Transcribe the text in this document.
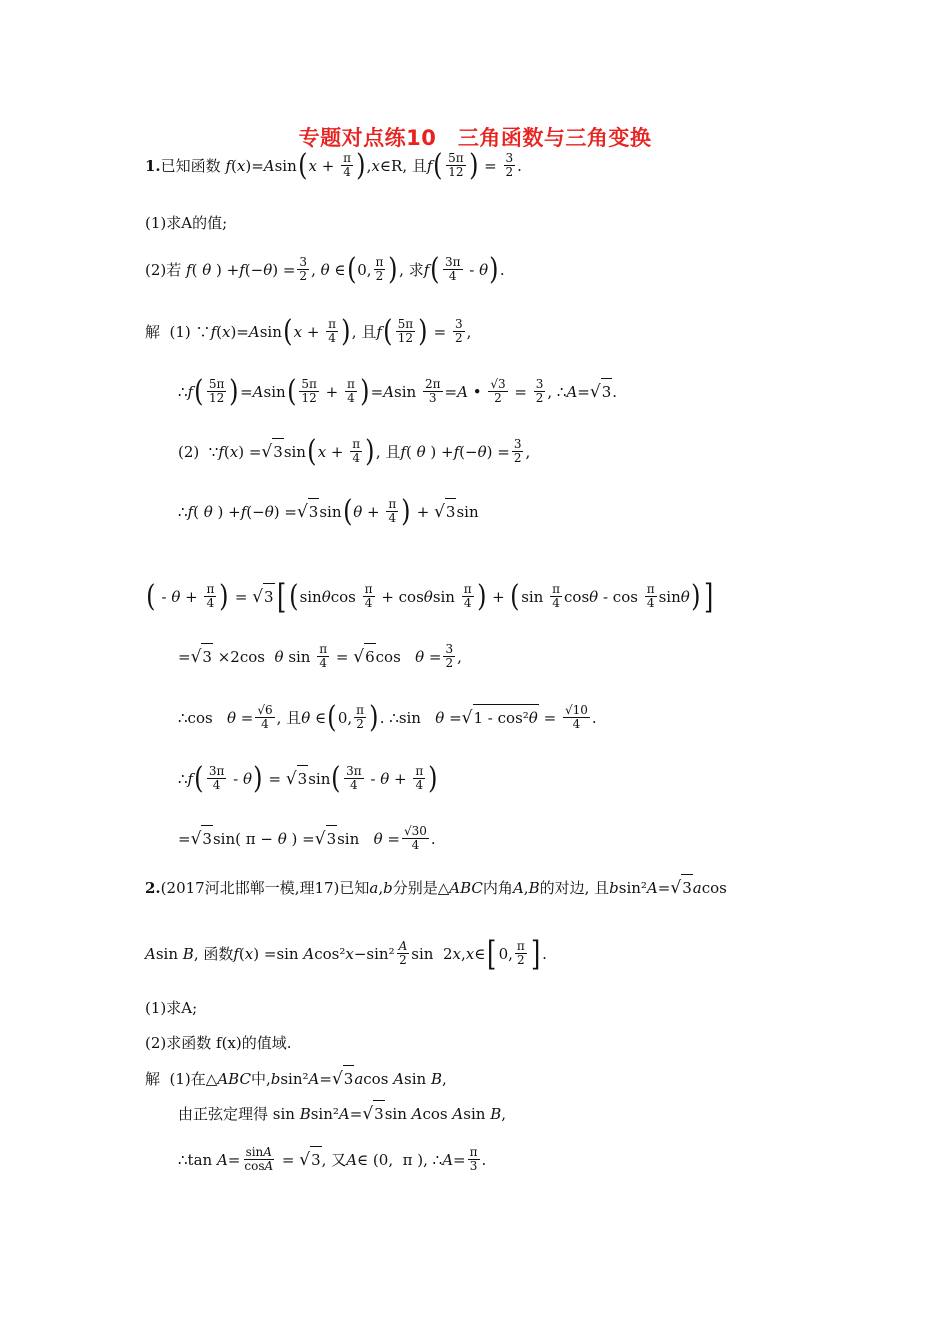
专题对点练10　三角函数与三角变换
1. 已知函数 f ( x )= A sin ( $x + \frac{\pi}{4}$ ) , x ∈R, 且 f ( $\frac{5\pi}{12}$ ) = $\frac{3}{2}$ .
(1)求A的值;
(2)若 f ( θ ) + f (− θ ) = $\frac{3}{2}$ , θ ∈ ( 0, $\frac{\pi}{2}$ ) , 求 f ( $\frac{3\pi}{4}$ - θ ) .
解  (1) ∵ f ( x )= A sin ( $x + \frac{\pi}{4}$ ) , 且 f ( $\frac{5\pi}{12}$ ) = $\frac{3}{2}$ ,
∴ f ( $\frac{5\pi}{12}$ ) = A sin ( $\frac{5\pi}{12} + \frac{\pi}{4}$ ) = A $\sin \frac{2\pi}{3} = A$ • $\frac{√3}{2} = \frac{3}{2}$ , ∴ A = √ 3 .
(2)  ∵ f ( x ) = √ 3 sin ( $x + \frac{\pi}{4}$ ) , 且 f ( θ ) + f (− θ ) = $\frac{3}{2}$ ,
∴ f ( θ ) + f (− θ ) = √ 3 sin ( $\theta + \frac{\pi}{4}$ ) + √ 3 sin
( - $\theta + \frac{\pi}{4}$ ) = √ 3 [ ( sin θ $\cos \frac{\pi}{4} + \cos \theta$ $\sin \frac{\pi}{4}$ ) + ( $\sin \frac{\pi}{4}$ cos θ - $\cos \frac{\pi}{4}$ sin θ ) ]
= √ 3 ×2cos θ $\sin \frac{\pi}{4}$ = √ 6 $\cos \theta = \frac{3}{2}$ ,
∴cos $\theta = \frac{√6}{4}$ , 且 θ ∈ ( 0, $\frac{\pi}{2}$ ) . ∴sin θ = √ $1 - \cos^2\theta = \frac{√10}{4}$ .
∴ f ( $\frac{3\pi}{4}$ - θ ) = √ 3 sin ( $\frac{3\pi}{4} - \theta + \frac{\pi}{4}$ )
= √ 3 sin( π − θ ) = √ 3 $\sin \theta = \frac{√30}{4}$ .
2. (2017河北邯郸一模,理17)已知 a , b 分别是△ ABC 内角 A , B 的对边, 且 b sin² A = √ 3 a cos
A sin B , 函数 f ( x ) =sin A cos² $x -\sin^2 \frac{A}{2}$ sin  2 x , x ∈ [ 0, $\frac{\pi}{2}$ ] .
(1)求A;
(2)求函数 f(x)的值域.
解  (1)在△ ABC 中, b sin² A = √ 3 a cos A sin B ,
由正弦定理得 sin B sin² A = √ 3 sin A cos A sin B ,
∴tan $A = \frac{\sin A}{\cos A}$ = √ 3 , 又 A ∈ (0,  π ), ∴ $A = \frac{\pi}{3}$ .
